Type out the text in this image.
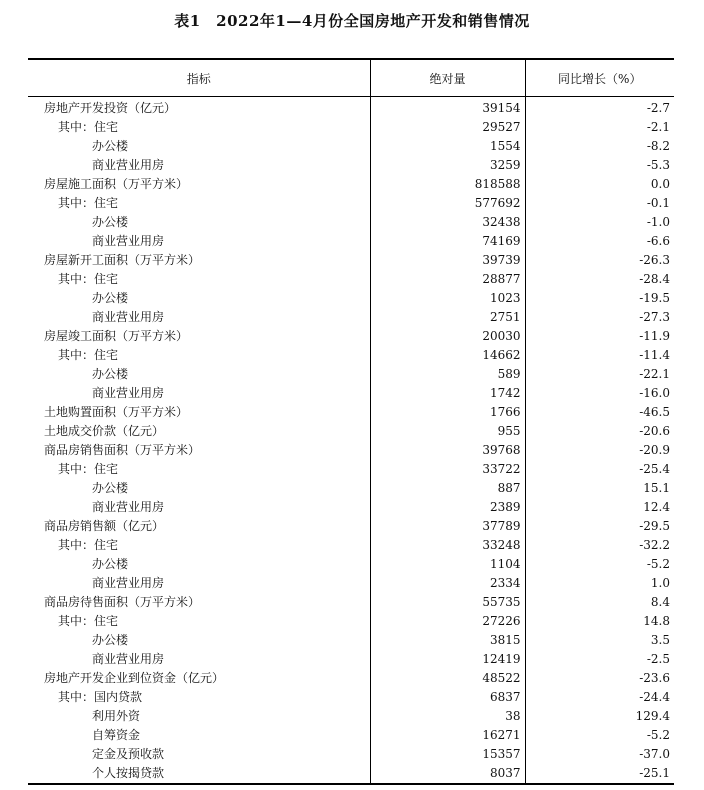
表1　2022年1—4月份全国房地产开发和销售情况
指标	绝对量	同比增长（%）
房地产开发投资（亿元）	39154	-2.7
其中：住宅	29527	-2.1
办公楼	1554	-8.2
商业营业用房	3259	-5.3
房屋施工面积（万平方米）	818588	0.0
其中：住宅	577692	-0.1
办公楼	32438	-1.0
商业营业用房	74169	-6.6
房屋新开工面积（万平方米）	39739	-26.3
其中：住宅	28877	-28.4
办公楼	1023	-19.5
商业营业用房	2751	-27.3
房屋竣工面积（万平方米）	20030	-11.9
其中：住宅	14662	-11.4
办公楼	589	-22.1
商业营业用房	1742	-16.0
土地购置面积（万平方米）	1766	-46.5
土地成交价款（亿元）	955	-20.6
商品房销售面积（万平方米）	39768	-20.9
其中：住宅	33722	-25.4
办公楼	887	15.1
商业营业用房	2389	12.4
商品房销售额（亿元）	37789	-29.5
其中：住宅	33248	-32.2
办公楼	1104	-5.2
商业营业用房	2334	1.0
商品房待售面积（万平方米）	55735	8.4
其中：住宅	27226	14.8
办公楼	3815	3.5
商业营业用房	12419	-2.5
房地产开发企业到位资金（亿元）	48522	-23.6
其中：国内贷款	6837	-24.4
利用外资	38	129.4
自筹资金	16271	-5.2
定金及预收款	15357	-37.0
个人按揭贷款	8037	-25.1
